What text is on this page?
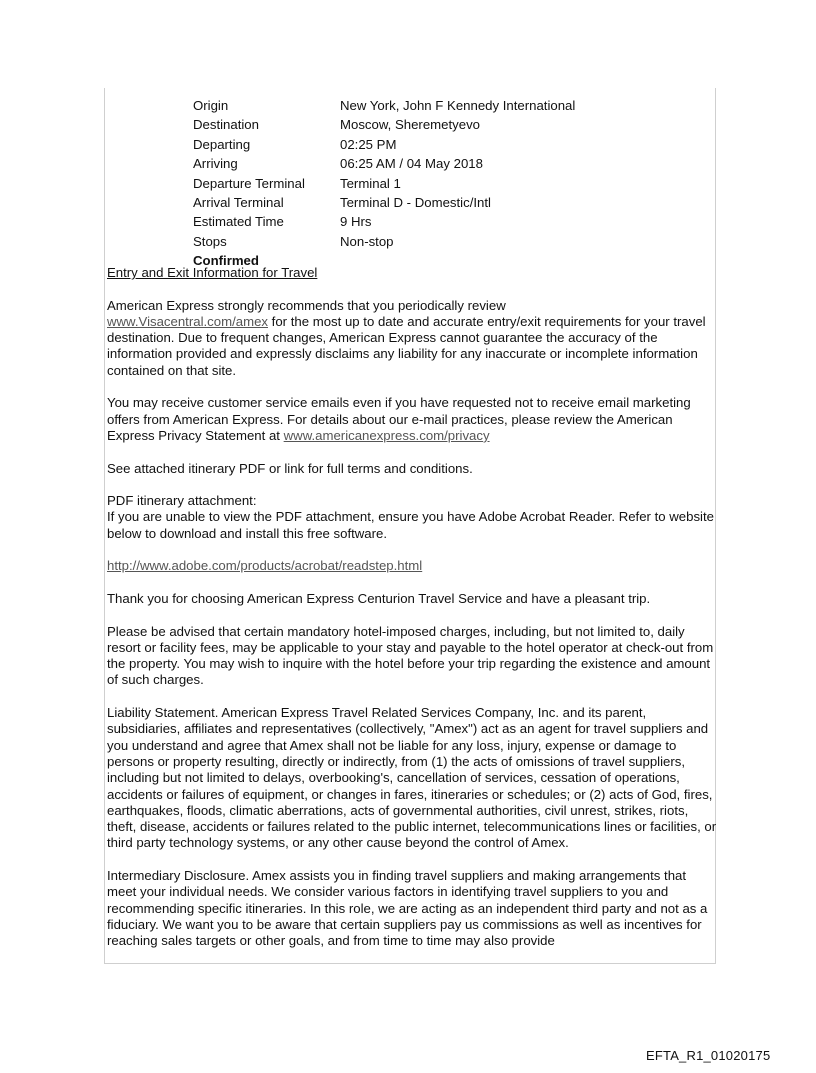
Origin	New York, John F Kennedy International
Destination	Moscow, Sheremetyevo
Departing	02:25 PM
Arriving	06:25 AM / 04 May 2018
Departure Terminal	Terminal 1
Arrival Terminal	Terminal D - Domestic/Intl
Estimated Time	9 Hrs
Stops	Non-stop
Confirmed

Entry and Exit Information for Travel

American Express strongly recommends that you periodically review
www.Visacentral.com/amex for the most up to date and accurate entry/exit requirements for your travel destination. Due to frequent changes, American Express cannot guarantee the accuracy of the information provided and expressly disclaims any liability for any inaccurate or incomplete information contained on that site.

You may receive customer service emails even if you have requested not to receive email marketing offers from American Express. For details about our e-mail practices, please review the American Express Privacy Statement at www.americanexpress.com/privacy

See attached itinerary PDF or link for full terms and conditions.

PDF itinerary attachment:
If you are unable to view the PDF attachment, ensure you have Adobe Acrobat Reader. Refer to website below to download and install this free software.

http://www.adobe.com/products/acrobat/readstep.html

Thank you for choosing American Express Centurion Travel Service and have a pleasant trip.

Please be advised that certain mandatory hotel-imposed charges, including, but not limited to, daily resort or facility fees, may be applicable to your stay and payable to the hotel operator at check-out from the property. You may wish to inquire with the hotel before your trip regarding the existence and amount of such charges.

Liability Statement. American Express Travel Related Services Company, Inc. and its parent, subsidiaries, affiliates and representatives (collectively, "Amex") act as an agent for travel suppliers and you understand and agree that Amex shall not be liable for any loss, injury, expense or damage to persons or property resulting, directly or indirectly, from (1) the acts of omissions of travel suppliers, including but not limited to delays, overbooking's, cancellation of services, cessation of operations, accidents or failures of equipment, or changes in fares, itineraries or schedules; or (2) acts of God, fires, earthquakes, floods, climatic aberrations, acts of governmental authorities, civil unrest, strikes, riots, theft, disease, accidents or failures related to the public internet, telecommunications lines or facilities, or third party technology systems, or any other cause beyond the control of Amex.

Intermediary Disclosure. Amex assists you in finding travel suppliers and making arrangements that meet your individual needs. We consider various factors in identifying travel suppliers to you and recommending specific itineraries. In this role, we are acting as an independent third party and not as a fiduciary. We want you to be aware that certain suppliers pay us commissions as well as incentives for reaching sales targets or other goals, and from time to time may also provide

EFTA_R1_01020175
